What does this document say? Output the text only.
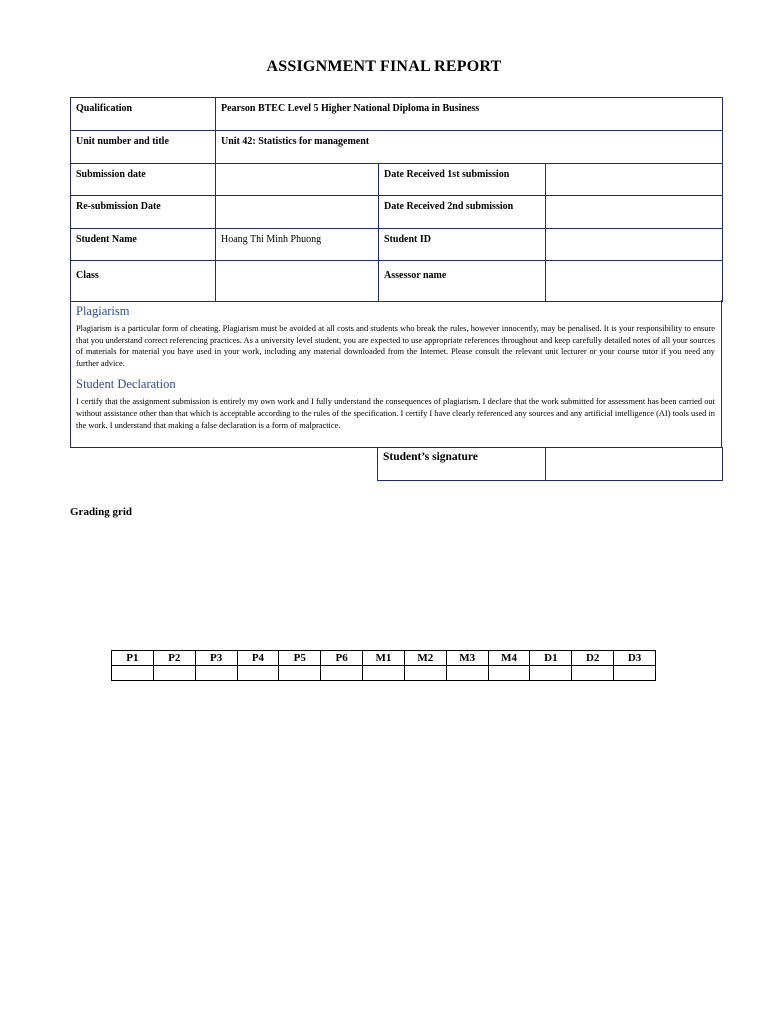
ASSIGNMENT FINAL REPORT
Qualification	Pearson BTEC Level 5 Higher National Diploma in Business		
Unit number and title	Unit 42: Statistics for management		
Submission date		Date Received 1st submission	
Re-submission Date		Date Received 2nd submission	
Student Name	Hoang Thi Minh Phuong	Student ID	
Class		Assessor name	
Plagiarism

Plagiarism is a particular form of cheating. Plagiarism must be avoided at all costs and students who break the rules, however innocently, may be penalised. It is your responsibility to ensure that you understand correct referencing practices. As a university level student, you are expected to use appropriate references throughout and keep carefully detailed notes of all your sources of materials for material you have used in your work, including any material downloaded from the Internet. Please consult the relevant unit lecturer or your course tutor if you need any further advice.

Student Declaration

I certify that the assignment submission is entirely my own work and I fully understand the consequences of plagiarism. I declare that the work submitted for assessment has been carried out without assistance other than that which is acceptable according to the rules of the specification. I certify I have clearly referenced any sources and any artificial intelligence (AI) tools used in the work. I understand that making a false declaration is a form of malpractice.

Student’s signature	
Grading grid
P1	P2	P3	P4	P5	P6	M1	M2	M3	M4	D1	D2	D3
